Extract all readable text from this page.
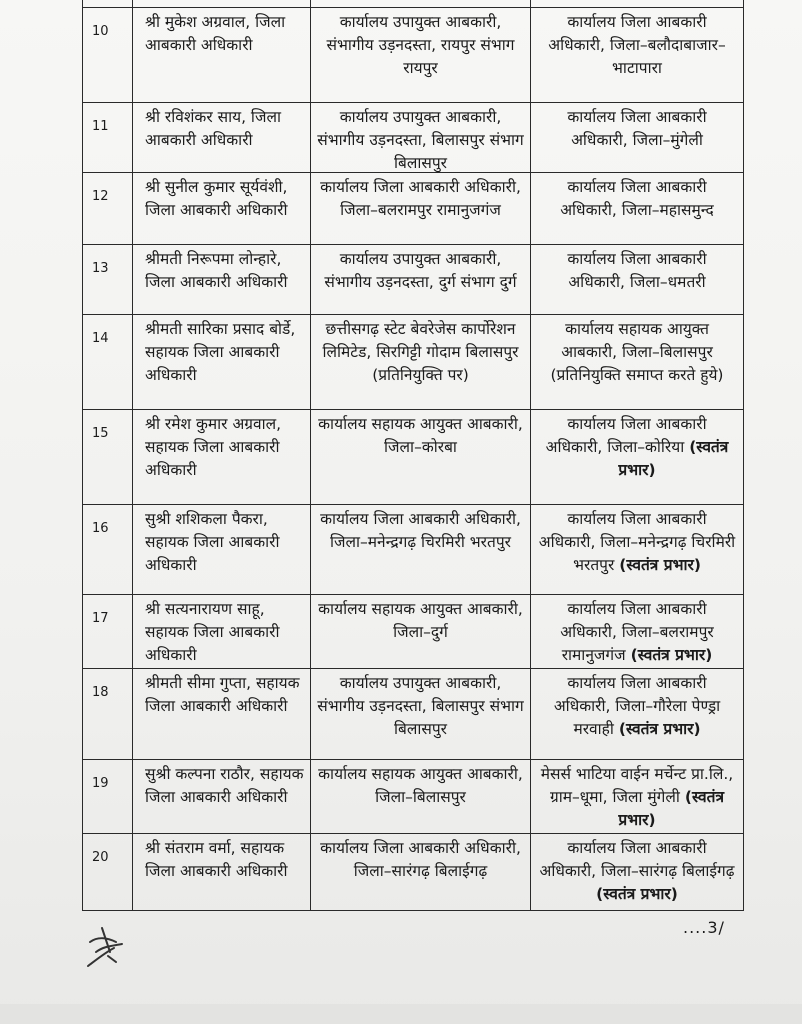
10
श्री मुकेश अग्रवाल, जिला आबकारी अधिकारी
कार्यालय उपायुक्त आबकारी, संभागीय उड़नदस्ता, रायपुर संभाग रायपुर
कार्यालय जिला आबकारी अधिकारी, जिला–बलौदाबाजार–भाटापारा
11
श्री रविशंकर साय, जिला आबकारी अधिकारी
कार्यालय उपायुक्त आबकारी, संभागीय उड़नदस्ता, बिलासपुर संभाग बिलासपुर
कार्यालय जिला आबकारी अधिकारी, जिला–मुंगेली
12
श्री सुनील कुमार सूर्यवंशी, जिला आबकारी अधिकारी
कार्यालय जिला आबकारी अधिकारी, जिला–बलरामपुर रामानुजगंज
कार्यालय जिला आबकारी अधिकारी, जिला–महासमुन्द
13
श्रीमती निरूपमा लोन्हारे, जिला आबकारी अधिकारी
कार्यालय उपायुक्त आबकारी, संभागीय उड़नदस्ता, दुर्ग संभाग दुर्ग
कार्यालय जिला आबकारी अधिकारी, जिला–धमतरी
14
श्रीमती सारिका प्रसाद बोर्डे, सहायक जिला आबकारी अधिकारी
छत्तीसगढ़ स्टेट बेवरेजेस कार्पोरेशन लिमिटेड, सिरगिट्टी गोदाम बिलासपुर (प्रतिनियुक्ति पर)
कार्यालय सहायक आयुक्त आबकारी, जिला–बिलासपुर (प्रतिनियुक्ति समाप्त करते हुये)
15
श्री रमेश कुमार अग्रवाल, सहायक जिला आबकारी अधिकारी
कार्यालय सहायक आयुक्त आबकारी, जिला–कोरबा
कार्यालय जिला आबकारी अधिकारी, जिला–कोरिया (स्वतंत्र प्रभार)
16
सुश्री शशिकला पैकरा, सहायक जिला आबकारी अधिकारी
कार्यालय जिला आबकारी अधिकारी, जिला–मनेन्द्रगढ़ चिरमिरी भरतपुर
कार्यालय जिला आबकारी अधिकारी, जिला–मनेन्द्रगढ़ चिरमिरी भरतपुर (स्वतंत्र प्रभार)
17
श्री सत्यनारायण साहू, सहायक जिला आबकारी अधिकारी
कार्यालय सहायक आयुक्त आबकारी, जिला–दुर्ग
कार्यालय जिला आबकारी अधिकारी, जिला–बलरामपुर रामानुजगंज (स्वतंत्र प्रभार)
18
श्रीमती सीमा गुप्ता, सहायक जिला आबकारी अधिकारी
कार्यालय उपायुक्त आबकारी, संभागीय उड़नदस्ता, बिलासपुर संभाग बिलासपुर
कार्यालय जिला आबकारी अधिकारी, जिला–गौरेला पेण्ड्रा मरवाही (स्वतंत्र प्रभार)
19
सुश्री कल्पना राठौर, सहायक जिला आबकारी अधिकारी
कार्यालय सहायक आयुक्त आबकारी, जिला–बिलासपुर
मेसर्स भाटिया वाईन मर्चेन्ट प्रा.लि., ग्राम–धूमा, जिला मुंगेली (स्वतंत्र प्रभार)
20
श्री संतराम वर्मा, सहायक जिला आबकारी अधिकारी
कार्यालय जिला आबकारी अधिकारी, जिला–सारंगढ़ बिलाईगढ़
कार्यालय जिला आबकारी अधिकारी, जिला–सारंगढ़ बिलाईगढ़ (स्वतंत्र प्रभार)
....3/
